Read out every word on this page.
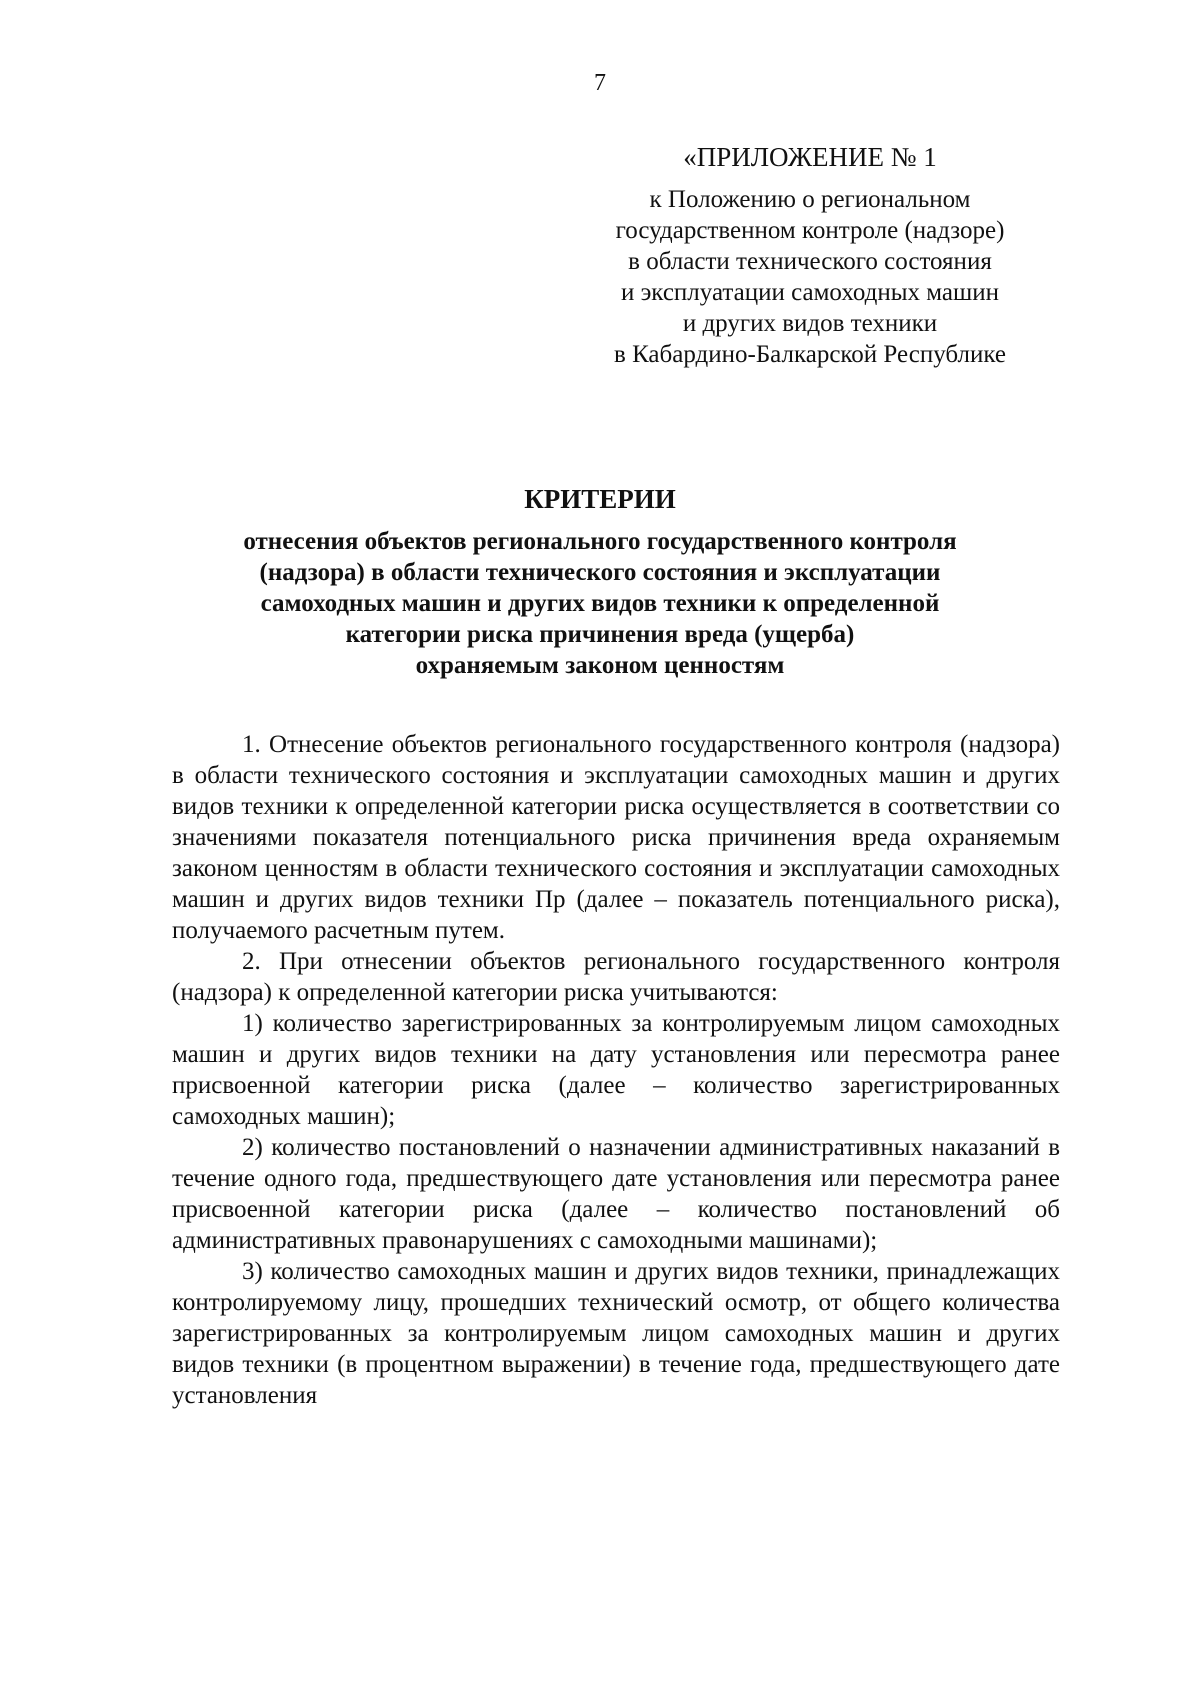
7
«ПРИЛОЖЕНИЕ № 1
к Положению о региональном
государственном контроле (надзоре)
в области технического состояния
и эксплуатации самоходных машин
и других видов техники
в Кабардино-Балкарской Республике
КРИТЕРИИ
отнесения объектов регионального государственного контроля
(надзора) в области технического состояния и эксплуатации
самоходных машин и других видов техники к определенной
категории риска причинения вреда (ущерба)
охраняемым законом ценностям

1. Отнесение объектов регионального государственного контроля (надзора) в области технического состояния и эксплуатации самоходных машин и других видов техники к определенной категории риска осуществляется в соответствии со значениями показателя потенциального риска причинения вреда охраняемым законом ценностям в области технического состояния и эксплуатации самоходных машин и других видов техники Пр (далее – показатель потенциального риска), получаемого расчетным путем.

2. При отнесении объектов регионального государственного контроля (надзора) к определенной категории риска учитываются:

1) количество зарегистрированных за контролируемым лицом самоходных машин и других видов техники на дату установления или пересмотра ранее присвоенной категории риска (далее – количество зарегистрированных самоходных машин);

2) количество постановлений о назначении административных наказаний в течение одного года, предшествующего дате установления или пересмотра ранее присвоенной категории риска (далее – количество постановлений об административных правонарушениях с самоходными машинами);

3) количество самоходных машин и других видов техники, принадлежащих контролируемому лицу, прошедших технический осмотр, от общего количества зарегистрированных за контролируемым лицом самоходных машин и других видов техники (в процентном выражении) в течение года, предшествующего дате установления
